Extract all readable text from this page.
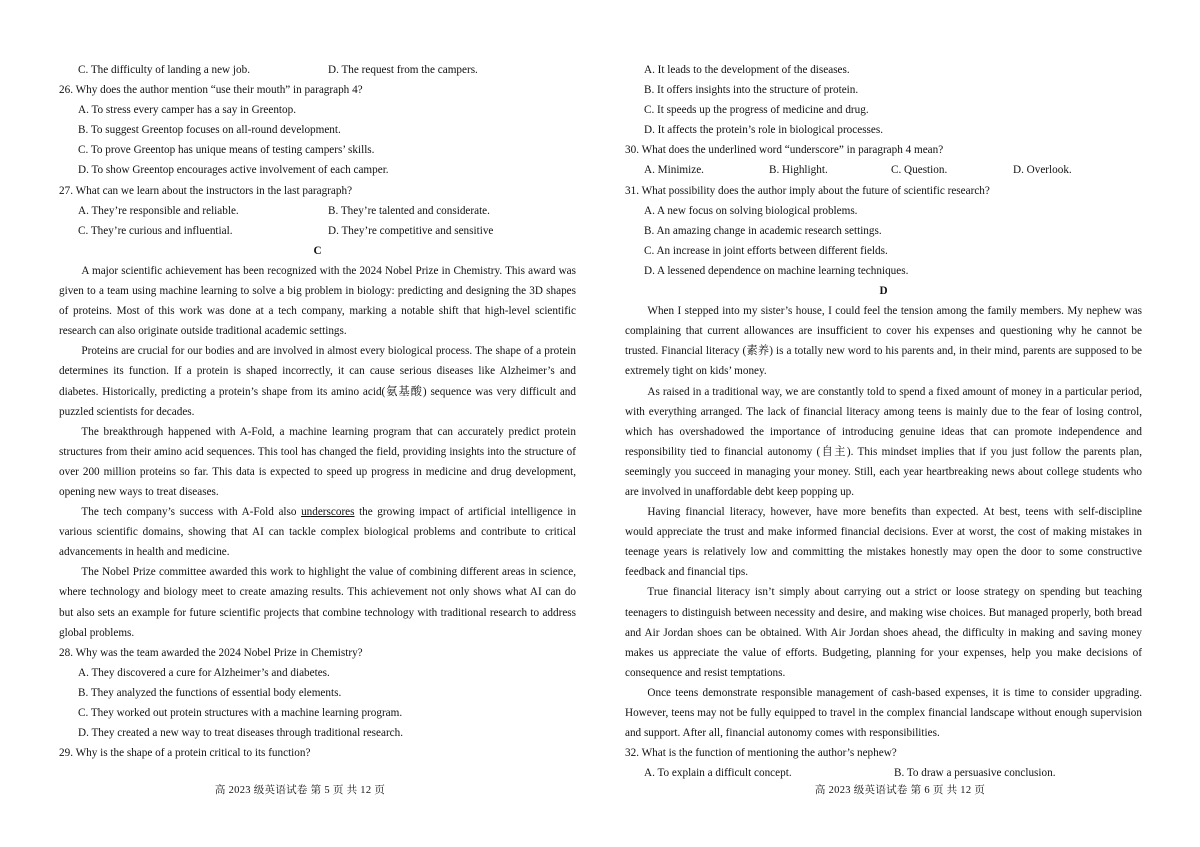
C. The difficulty of landing a new job.	D. The request from the campers.

26. Why does the author mention “use their mouth” in paragraph 4?

A. To stress every camper has a say in Greentop.

B. To suggest Greentop focuses on all-round development.

C. To prove Greentop has unique means of testing campers’ skills.

D. To show Greentop encourages active involvement of each camper.

27. What can we learn about the instructors in the last paragraph?

A. They’re responsible and reliable.	B. They’re talented and considerate.
C. They’re curious and influential.	D. They’re competitive and sensitive

C

A major scientific achievement has been recognized with the 2024 Nobel Prize in Chemistry. This award was given to a team using machine learning to solve a big problem in biology: predicting and designing the 3D shapes of proteins. Most of this work was done at a tech company, marking a notable shift that high-level scientific research can also originate outside traditional academic settings.

Proteins are crucial for our bodies and are involved in almost every biological process. The shape of a protein determines its function. If a protein is shaped incorrectly, it can cause serious diseases like Alzheimer’s and diabetes. Historically, predicting a protein’s shape from its amino acid(氨基酸) sequence was very difficult and puzzled scientists for decades.

The breakthrough happened with A-Fold, a machine learning program that can accurately predict protein structures from their amino acid sequences. This tool has changed the field, providing insights into the structure of over 200 million proteins so far. This data is expected to speed up progress in medicine and drug development, opening new ways to treat diseases.

The tech company’s success with A-Fold also underscores the growing impact of artificial intelligence in various scientific domains, showing that AI can tackle complex biological problems and contribute to critical advancements in health and medicine.

The Nobel Prize committee awarded this work to highlight the value of combining different areas in science, where technology and biology meet to create amazing results. This achievement not only shows what AI can do but also sets an example for future scientific projects that combine technology with traditional research to address global problems.

28. Why was the team awarded the 2024 Nobel Prize in Chemistry?

A. They discovered a cure for Alzheimer’s and diabetes.

B. They analyzed the functions of essential body elements.

C. They worked out protein structures with a machine learning program.

D. They created a new way to treat diseases through traditional research.

29. Why is the shape of a protein critical to its function?

高 2023 级英语试卷 第 5 页 共 12 页

A. It leads to the development of the diseases.

B. It offers insights into the structure of protein.

C. It speeds up the progress of medicine and drug.

D. It affects the protein’s role in biological processes.

30. What does the underlined word “underscore” in paragraph 4 mean?

A. Minimize.	B. Highlight.	C. Question.	D. Overlook.

31. What possibility does the author imply about the future of scientific research?

A. A new focus on solving biological problems.

B. An amazing change in academic research settings.

C. An increase in joint efforts between different fields.

D. A lessened dependence on machine learning techniques.

D

When I stepped into my sister’s house, I could feel the tension among the family members. My nephew was complaining that current allowances are insufficient to cover his expenses and questioning why he cannot be trusted. Financial literacy (素养) is a totally new word to his parents and, in their mind, parents are supposed to be extremely tight on kids’ money.

As raised in a traditional way, we are constantly told to spend a fixed amount of money in a particular period, with everything arranged. The lack of financial literacy among teens is mainly due to the fear of losing control, which has overshadowed the importance of introducing genuine ideas that can promote independence and responsibility tied to financial autonomy (自主). This mindset implies that if you just follow the parents plan, seemingly you succeed in managing your money. Still, each year heartbreaking news about college students who are involved in unaffordable debt keep popping up.

Having financial literacy, however, have more benefits than expected. At best, teens with self-discipline would appreciate the trust and make informed financial decisions. Ever at worst, the cost of making mistakes in teenage years is relatively low and committing the mistakes honestly may open the door to some constructive feedback and financial tips.

True financial literacy isn’t simply about carrying out a strict or loose strategy on spending but teaching teenagers to distinguish between necessity and desire, and making wise choices. But managed properly, both bread and Air Jordan shoes can be obtained. With Air Jordan shoes ahead, the difficulty in making and saving money makes us appreciate the value of efforts. Budgeting, planning for your expenses, help you make decisions of consequence and resist temptations.

Once teens demonstrate responsible management of cash-based expenses, it is time to consider upgrading. However, teens may not be fully equipped to travel in the complex financial landscape without enough supervision and support. After all, financial autonomy comes with responsibilities.

32. What is the function of mentioning the author’s nephew?

A. To explain a difficult concept.	B. To draw a persuasive conclusion.
高 2023 级英语试卷 第 6 页 共 12 页
